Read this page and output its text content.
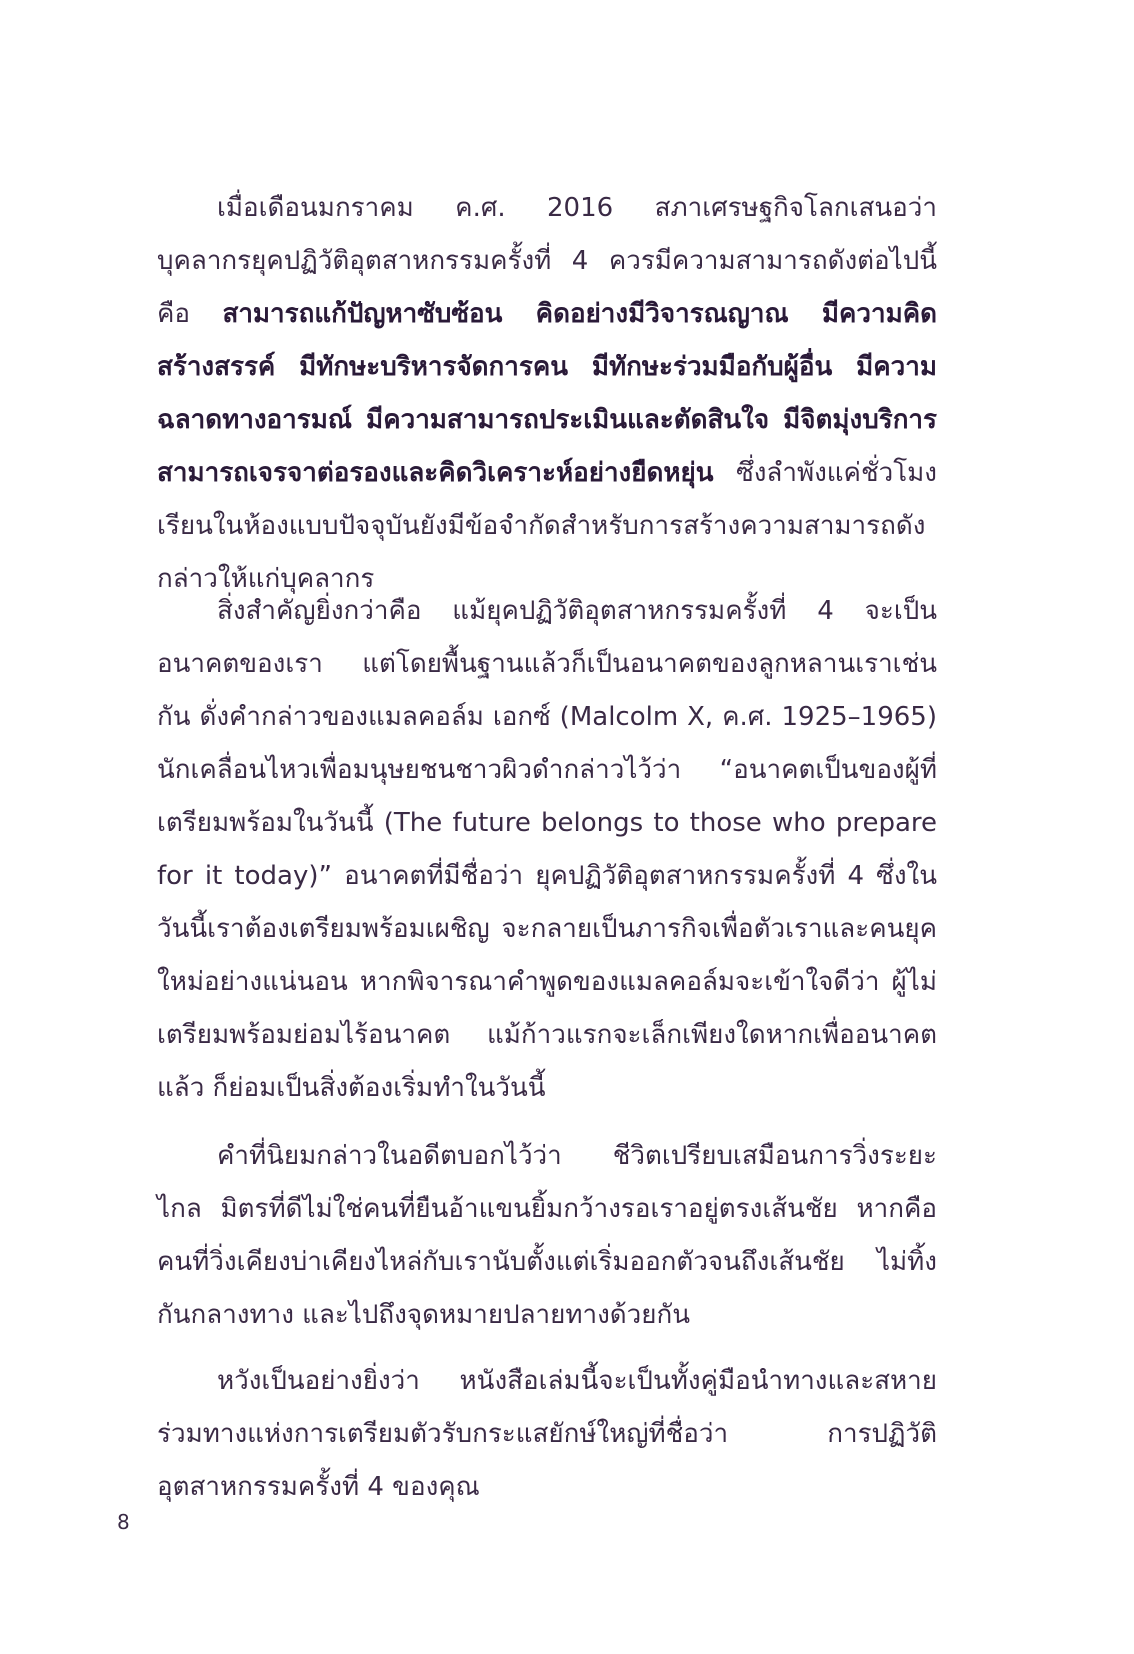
เมื่อเดือนมกราคม ค.ศ. 2016 สภาเศรษฐกิจโลกเสนอว่า บุคลากรยุคปฏิวัติอุตสาหกรรมครั้งที่ 4 ควรมีความสามารถดังต่อไปนี้คือ สามารถแก้ปัญหาซับซ้อน คิดอย่างมีวิจารณญาณ มีความคิดสร้างสรรค์ มีทักษะบริหารจัดการคน มีทักษะร่วมมือกับผู้อื่น มีความฉลาดทางอารมณ์ มีความสามารถประเมินและตัดสินใจ มีจิตมุ่งบริการ สามารถเจรจาต่อรองและคิดวิเคราะห์อย่างยืดหยุ่น ซึ่งลำพังแค่ชั่วโมงเรียนในห้องแบบปัจจุบันยังมีข้อจำกัดสำหรับการสร้างความสามารถดังกล่าวให้แก่บุคลากร

สิ่งสำคัญยิ่งกว่าคือ แม้ยุคปฏิวัติอุตสาหกรรมครั้งที่ 4 จะเป็นอนาคตของเรา แต่โดยพื้นฐานแล้วก็เป็นอนาคตของลูกหลานเราเช่นกัน ดั่งคำกล่าวของแมลคอล์ม เอกซ์ (Malcolm X, ค.ศ. 1925–1965) นักเคลื่อนไหวเพื่อมนุษยชนชาวผิวดำกล่าวไว้ว่า “อนาคตเป็นของผู้ที่เตรียมพร้อมในวันนี้ (The future belongs to those who prepare for it today)” อนาคตที่มีชื่อว่า ยุคปฏิวัติอุตสาหกรรมครั้งที่ 4 ซึ่งในวันนี้เราต้องเตรียมพร้อมเผชิญ จะกลายเป็นภารกิจเพื่อตัวเราและคนยุคใหม่อย่างแน่นอน หากพิจารณาคำพูดของแมลคอล์มจะเข้าใจดีว่า ผู้ไม่เตรียมพร้อมย่อมไร้อนาคต แม้ก้าวแรกจะเล็กเพียงใดหากเพื่ออนาคตแล้ว ก็ย่อมเป็นสิ่งต้องเริ่มทำในวันนี้

คำที่นิยมกล่าวในอดีตบอกไว้ว่า ชีวิตเปรียบเสมือนการวิ่งระยะไกล มิตรที่ดีไม่ใช่คนที่ยืนอ้าแขนยิ้มกว้างรอเราอยู่ตรงเส้นชัย หากคือคนที่วิ่งเคียงบ่าเคียงไหล่กับเรานับตั้งแต่เริ่มออกตัวจนถึงเส้นชัย ไม่ทิ้งกันกลางทาง และไปถึงจุดหมายปลายทางด้วยกัน

หวังเป็นอย่างยิ่งว่า หนังสือเล่มนี้จะเป็นทั้งคู่มือนำทางและสหายร่วมทางแห่งการเตรียมตัวรับกระแสยักษ์ใหญ่ที่ชื่อว่า การปฏิวัติอุตสาหกรรมครั้งที่ 4 ของคุณ

8
